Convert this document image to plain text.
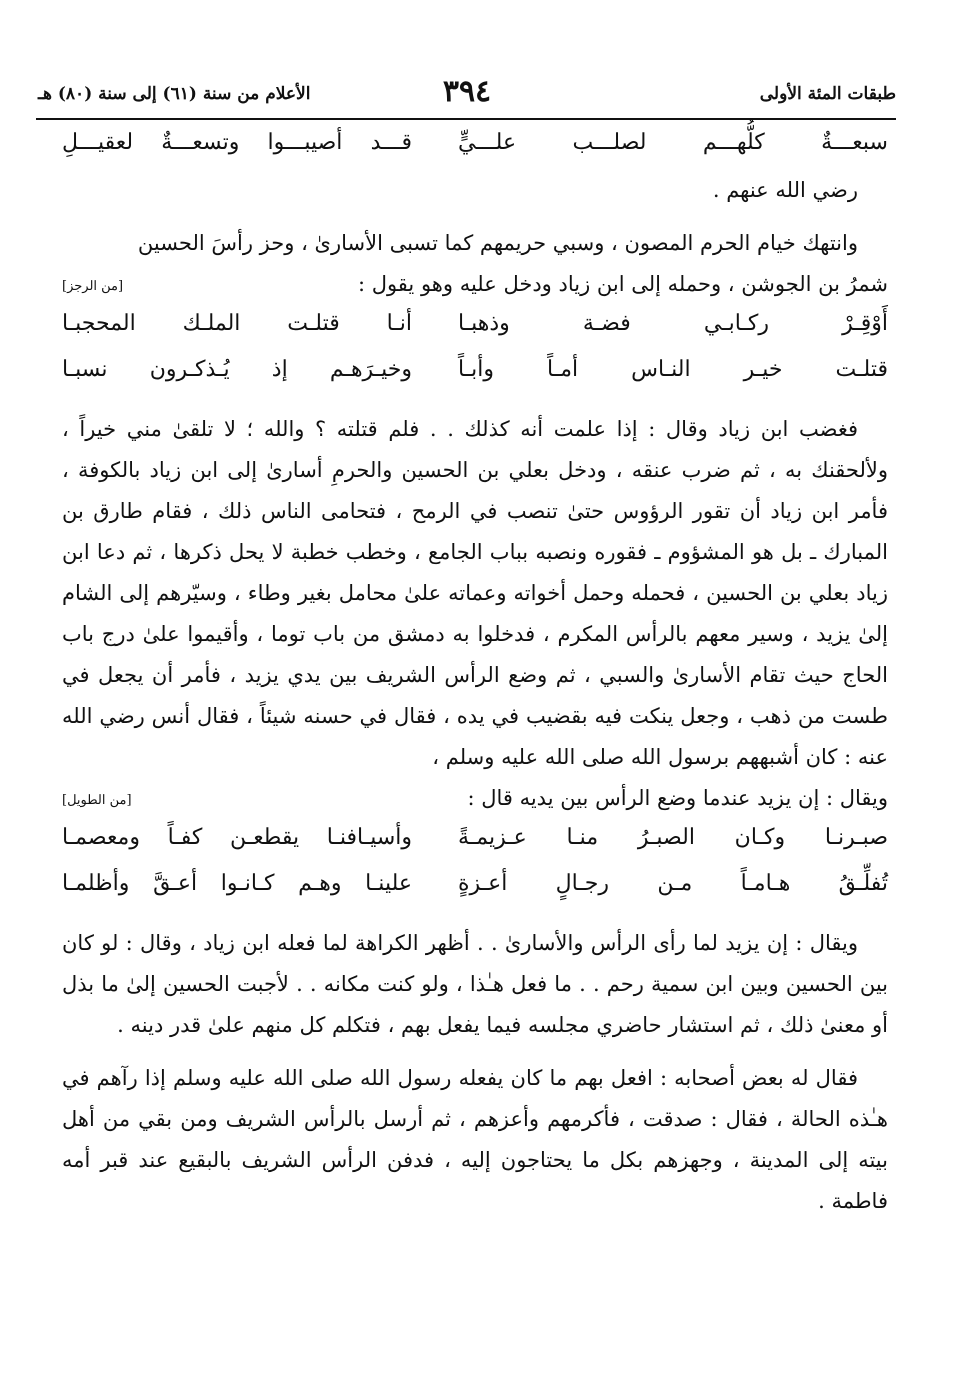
طبقات المئة الأولى
٣٩٤
الأعلام من سنة (٦١) إلى سنة (٨٠) هـ
سبعـــةٌ كلُّهـــم لصلـــب علـــيٍّ
قـــد أصيبـــوا وتسعـــةٌ لعقيـــلِ

رضي الله عنهم .

وانتهك خيام الحرم المصون ، وسبي حريمهم كما تسبى الأسارىٰ ، وحز رأسَ الحسين

شمرُ بن الجوشن ، وحمله إلى ابن زياد ودخل عليه وهو يقول :
[من الرجز]

أَوْقِـرْ ركـابـي فضـة وذهبـا
أنـا قتلـت الملـك المحجبـا
قتلـت خيـر النـاس أمـاً وأبـاً
وخيـرَهـم إذ يُـذكـرون نسبـا

فغضب ابن زياد وقال : إذا علمت أنه كذلك . . فلم قتلته ؟ والله ؛ لا تلقىٰ مني خيراً ، ولألحقنك به ، ثم ضرب عنقه ، ودخل بعلي بن الحسين والحرمِ أسارىٰ إلى ابن زياد بالكوفة ، فأمر ابن زياد أن تقور الرؤوس حتىٰ تنصب في الرمح ، فتحامى الناس ذلك ، فقام طارق بن المبارك ـ بل هو المشؤوم ـ فقوره ونصبه بباب الجامع ، وخطب خطبة لا يحل ذكرها ، ثم دعا ابن زياد بعلي بن الحسين ، فحمله وحمل أخواته وعماته علىٰ محامل بغير وطاء ، وسيّرهم إلى الشام إلىٰ يزيد ، وسير معهم بالرأس المكرم ، فدخلوا به دمشق من باب توما ، وأقيموا علىٰ درج باب الحاج حيث تقام الأسارىٰ والسبي ، ثم وضع الرأس الشريف بين يدي يزيد ، فأمر أن يجعل في طست من ذهب ، وجعل ينكت فيه بقضيب في يده ، فقال في حسنه شيئاً ، فقال أنس رضي الله عنه : كان أشبههم برسول الله صلى الله عليه وسلم ،

ويقال : إن يزيد عندما وضع الرأس بين يديه قال :
[من الطويل]

صبـرنـا وكـان الصبـرُ منـا عـزيمـةً
وأسيـافنـا يقطعـن كفـاً ومعصمـا
تُفلِّـقُ هـامـاً مـن رجـالٍ أعـزةٍ
علينـا وهـم كـانـوا أعـقَّ وأظلمـا

ويقال : إن يزيد لما رأى الرأس والأسارىٰ . . أظهر الكراهة لما فعله ابن زياد ، وقال : لو كان بين الحسين وبين ابن سمية رحم . . ما فعل هـٰذا ، ولو كنت مكانه . . لأجبت الحسين إلىٰ ما بذل أو معنىٰ ذلك ، ثم استشار حاضري مجلسه فيما يفعل بهم ، فتكلم كل منهم علىٰ قدر دينه .

فقال له بعض أصحابه : افعل بهم ما كان يفعله رسول الله صلى الله عليه وسلم إذا رآهم في هـٰذه الحالة ، فقال : صدقت ، فأكرمهم وأعزهم ، ثم أرسل بالرأس الشريف ومن بقي من أهل بيته إلى المدينة ، وجهزهم بكل ما يحتاجون إليه ، فدفن الرأس الشريف بالبقيع عند قبر أمه فاطمة .
